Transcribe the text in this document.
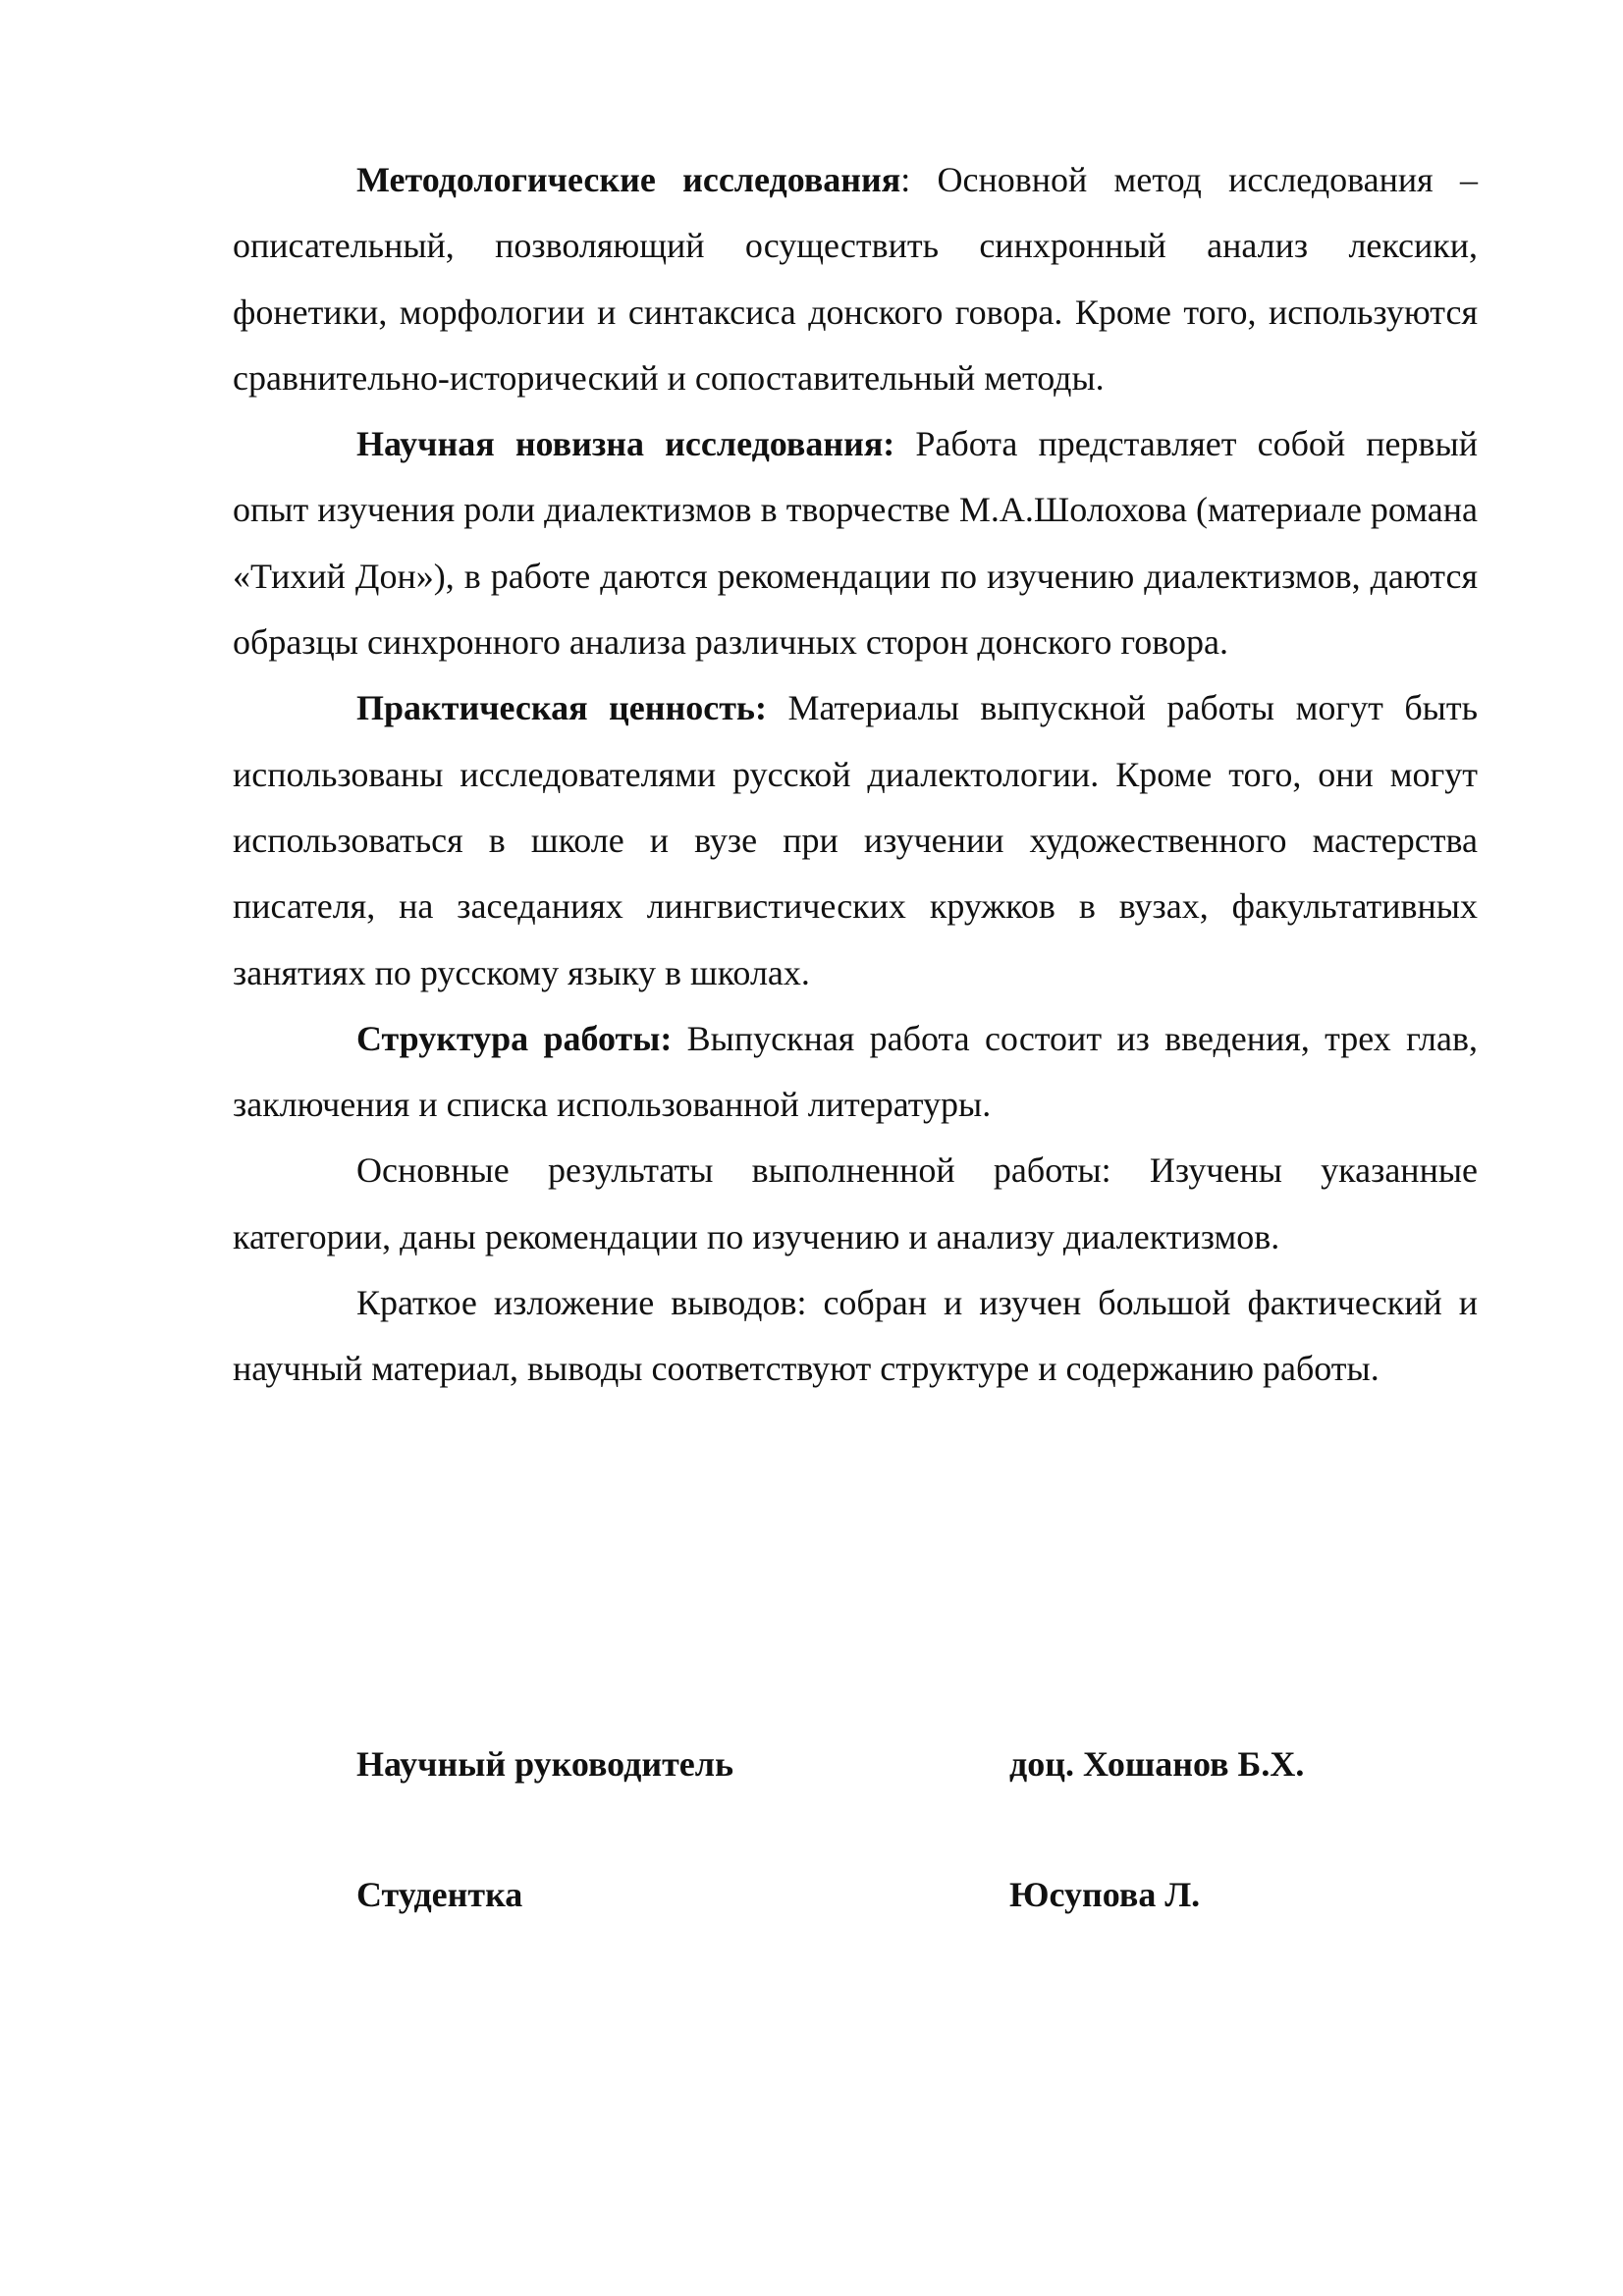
Методологические исследования: Основной метод исследования – описательный, позволяющий осуществить синхронный анализ лексики, фонетики, морфологии и синтаксиса донского говора. Кроме того, используются сравнительно-исторический и сопоставительный методы.

Научная новизна исследования: Работа представляет собой первый опыт изучения роли диалектизмов в творчестве М.А.Шолохова (материале романа «Тихий Дон»), в работе даются рекомендации по изучению диалектизмов, даются образцы синхронного анализа различных сторон донского говора.

Практическая ценность: Материалы выпускной работы могут быть использованы исследователями русской диалектологии. Кроме того, они могут использоваться в школе и вузе при изучении художественного мастерства писателя, на заседаниях лингвистических кружков в вузах, факультативных занятиях по русскому языку в школах.

Структура работы: Выпускная работа состоит из введения, трех глав, заключения и списка использованной литературы.

Основные результаты выполненной работы: Изучены указанные категории, даны рекомендации по изучению и анализу диалектизмов.

Краткое изложение выводов: собран и изучен большой фактический и научный материал, выводы соответствуют структуре и содержанию работы.

Научный руководитель	доц. Хошанов Б.Х.
Студентка	Юсупова Л.
